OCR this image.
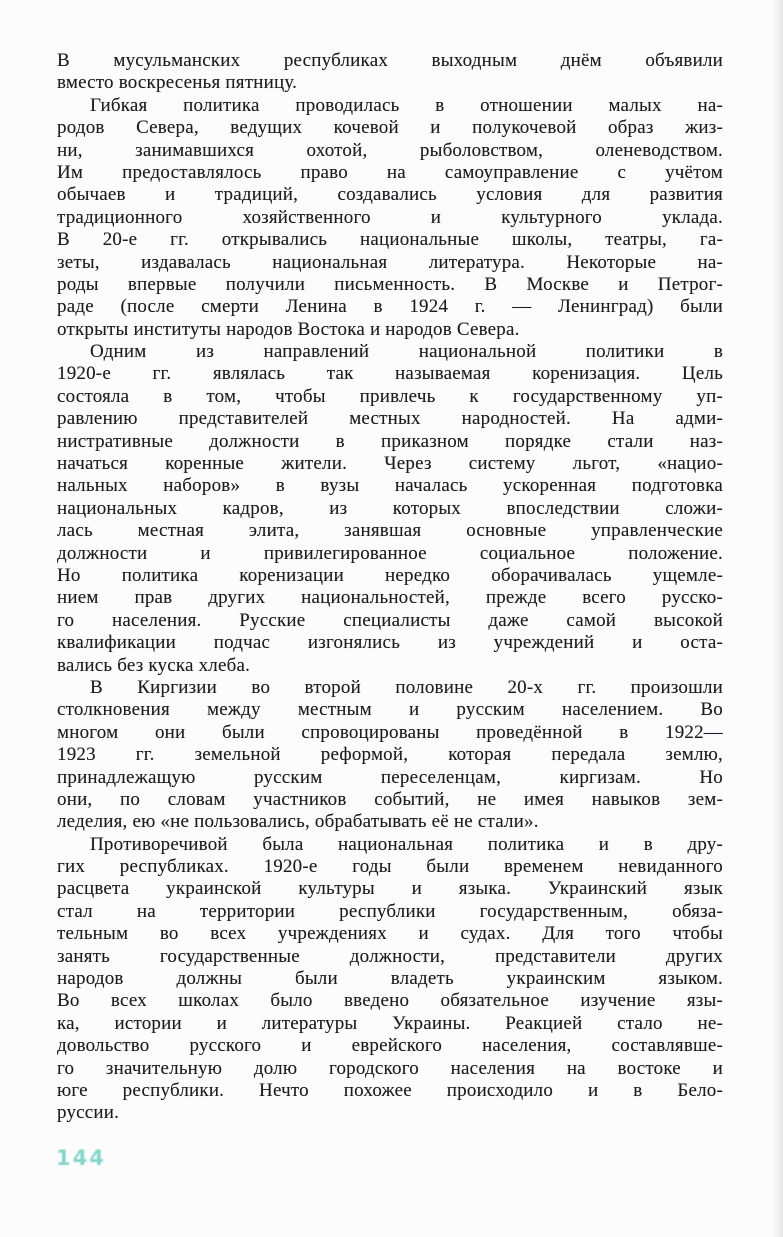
В мусульманских республиках выходным днём объявили
вместо воскресенья пятницу.
Гибкая политика проводилась в отношении малых на-
родов Севера, ведущих кочевой и полукочевой образ жиз-
ни, занимавшихся охотой, рыболовством, оленеводством.
Им предоставлялось право на самоуправление с учётом
обычаев и традиций, создавались условия для развития
традиционного хозяйственного и культурного уклада.
В 20-е гг. открывались национальные школы, театры, га-
зеты, издавалась национальная литература. Некоторые на-
роды впервые получили письменность. В Москве и Петрог-
раде (после смерти Ленина в 1924 г. — Ленинград) были
открыты институты народов Востока и народов Севера.
Одним из направлений национальной политики в
1920-е гг. являлась так называемая коренизация. Цель
состояла в том, чтобы привлечь к государственному уп-
равлению представителей местных народностей. На адми-
нистративные должности в приказном порядке стали наз-
начаться коренные жители. Через систему льгот, «нацио-
нальных наборов» в вузы началась ускоренная подготовка
национальных кадров, из которых впоследствии сложи-
лась местная элита, занявшая основные управленческие
должности и привилегированное социальное положение.
Но политика коренизации нередко оборачивалась ущемле-
нием прав других национальностей, прежде всего русско-
го населения. Русские специалисты даже самой высокой
квалификации подчас изгонялись из учреждений и оста-
вались без куска хлеба.
В Киргизии во второй половине 20-х гг. произошли
столкновения между местным и русским населением. Во
многом они были спровоцированы проведённой в 1922—
1923 гг. земельной реформой, которая передала землю,
принадлежащую русским переселенцам, киргизам. Но
они, по словам участников событий, не имея навыков зем-
леделия, ею «не пользовались, обрабатывать её не стали».
Противоречивой была национальная политика и в дру-
гих республиках. 1920-е годы были временем невиданного
расцвета украинской культуры и языка. Украинский язык
стал на территории республики государственным, обяза-
тельным во всех учреждениях и судах. Для того чтобы
занять государственные должности, представители других
народов должны были владеть украинским языком.
Во всех школах было введено обязательное изучение язы-
ка, истории и литературы Украины. Реакцией стало не-
довольство русского и еврейского населения, составлявше-
го значительную долю городского населения на востоке и
юге республики. Нечто похожее происходило и в Бело-
руссии.
144
